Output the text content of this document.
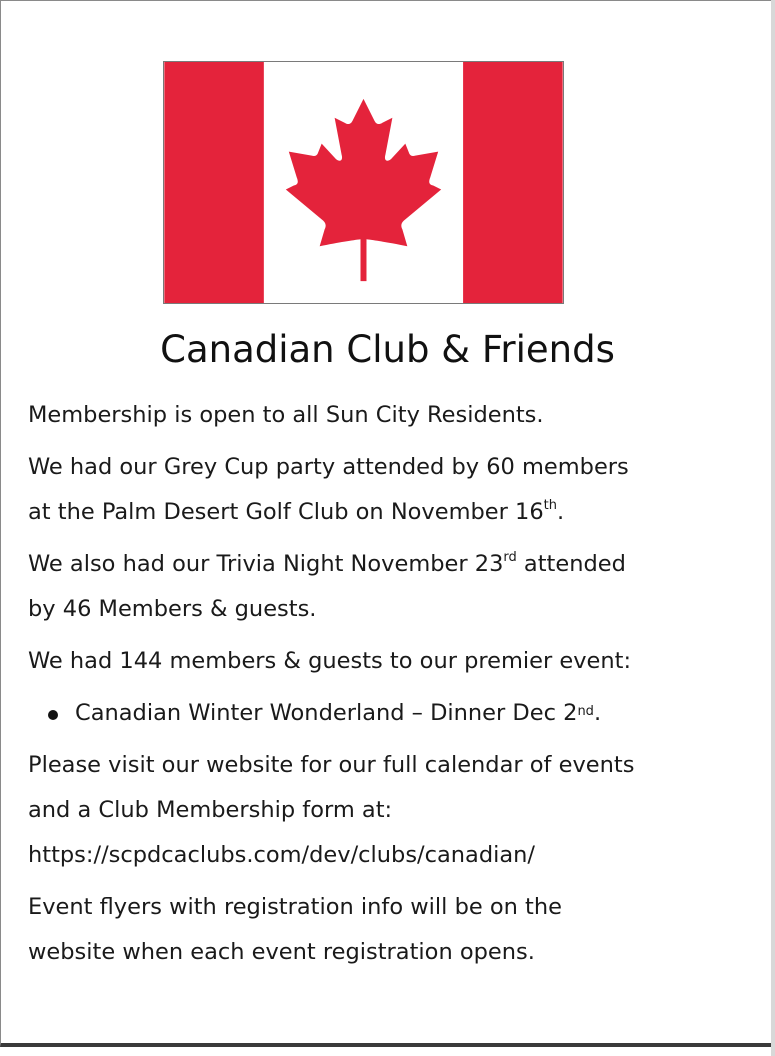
Canadian Club & Friends

Membership is open to all Sun City Residents.

We had our Grey Cup party attended by 60 members
at the Palm Desert Golf Club on November 16th.

We also had our Trivia Night November 23rd attended
by 46 Members & guests.

We had 144 members & guests to our premier event:

Canadian Winter Wonderland – Dinner Dec 2nd .

Please visit our website for our full calendar of events
and a Club Membership form at:
https://scpdcaclubs.com/dev/clubs/canadian/

Event flyers with registration info will be on the
website when each event registration opens.
